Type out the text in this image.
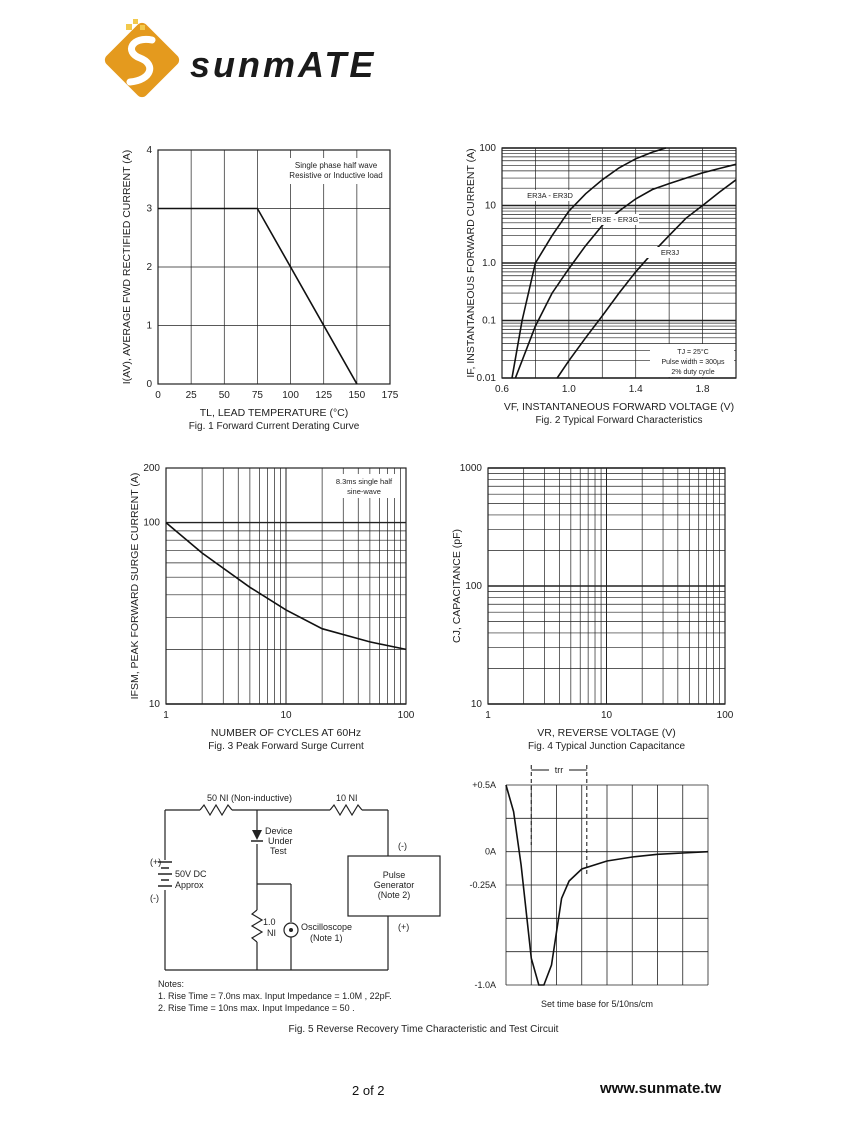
sunmATE
0 25 50 75 100 125 150 175
0
1
2
3
4
TL, LEAD TEMPERATURE (°C)
I(AV), AVERAGE FWD RECTIFIED CURRENT (A)
Fig. 1 Forward Current Derating Curve
Single phase half wave
Resistive or Inductive load
0.6	1.0	1.4	1.8
0.01
0.1
1.0
10
100
VF, INSTANTANEOUS FORWARD VOLTAGE (V)
IF, INSTANTANEOUS FORWARD CURRENT (A)
Fig. 2 Typical Forward Characteristics
ER3A - ER3D
ER3E - ER3G
ER3J
TJ = 25°C
Pulse width = 300μs
2% duty cycle
1	10	100
10
100
200
NUMBER OF CYCLES AT 60Hz
IFSM, PEAK FORWARD SURGE CURRENT (A)
Fig. 3 Peak Forward Surge Current
8.3ms single half
sine-wave
1	10	100
10
100
1000
VR, REVERSE VOLTAGE (V)
CJ, CAPACITANCE (pF)
Fig. 4 Typical Junction Capacitance
50 NI (Non-inductive)	10 NI
Device
Under
Test
50V DC
Approx
(+)
(-)
(-)
(+)
1.0
NI
Oscilloscope
(Note 1)
Pulse
Generator
(Note 2)
Notes:
1. Rise Time = 7.0ns max. Input Impedance = 1.0M , 22pF.
2. Rise Time = 10ns max. Input Impedance = 50 .
+0.5A
0A
-0.25A
-1.0A
trr
Set time base for 5/10ns/cm
Fig. 5 Reverse Recovery Time Characteristic and Test Circuit
2 of 2	www.sunmate.tw
